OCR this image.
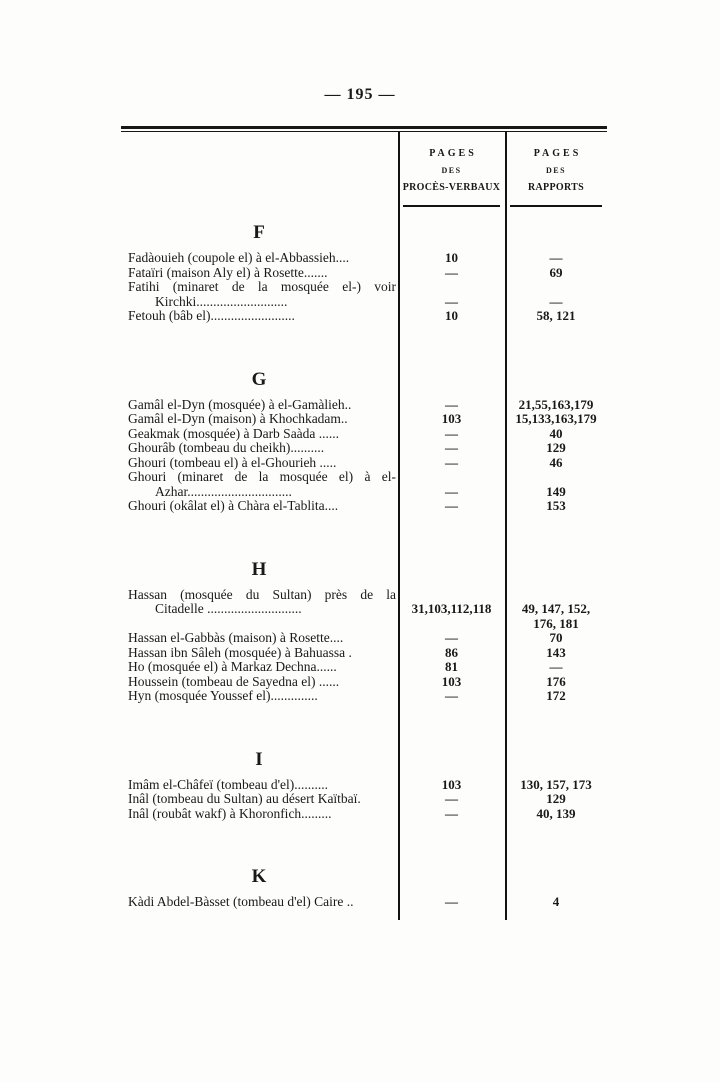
— 195 —
PAGES
DES
PROCÈS-VERBAUX
PAGES
DES
RAPPORTS
F
Fadàouieh (coupole el) à el-Abbassieh....	10	—
Fataïri (maison Aly el) à Rosette.......	—	69
Fatihi (minaret de la mosquée el-) voir
Kirchki...........................	—	—
Fetouh (bâb el).........................	10	58, 121
G
Gamâl el-Dyn (mosquée) à el-Gamàlieh..	—	21,55,163,179
Gamâl el-Dyn (maison) à Khochkadam..	103	15,133,163,179
Geakmak (mosquée) à Darb Saàda ......	—	40
Ghourâb (tombeau du cheikh)..........	—	129
Ghouri (tombeau el) à el-Ghourieh .....	—	46
Ghouri (minaret de la mosquée el) à el-
Azhar...............................	—	149
Ghouri (okâlat el) à Chàra el-Tablita....	—	153
H
Hassan (mosquée du Sultan) près de la
Citadelle ............................	31,103,112,118	49, 147, 152,
176, 181
Hassan el-Gabbàs (maison) à Rosette....	—	70
Hassan ibn Sâleh (mosquée) à Bahuassa .	86	143
Ho (mosquée el) à Markaz Dechna......	81	—
Houssein (tombeau de Sayedna el) ......	103	176
Hyn (mosquée Youssef el)..............	—	172
I
Imâm el-Châfeï (tombeau d'el)..........	103	130, 157, 173
Inâl (tombeau du Sultan) au désert Kaïtbaï.	—	129
Inâl (roubât wakf) à Khoronfich.........	—	40, 139
K
Kàdi Abdel-Bàsset (tombeau d'el) Caire ..	—	4
